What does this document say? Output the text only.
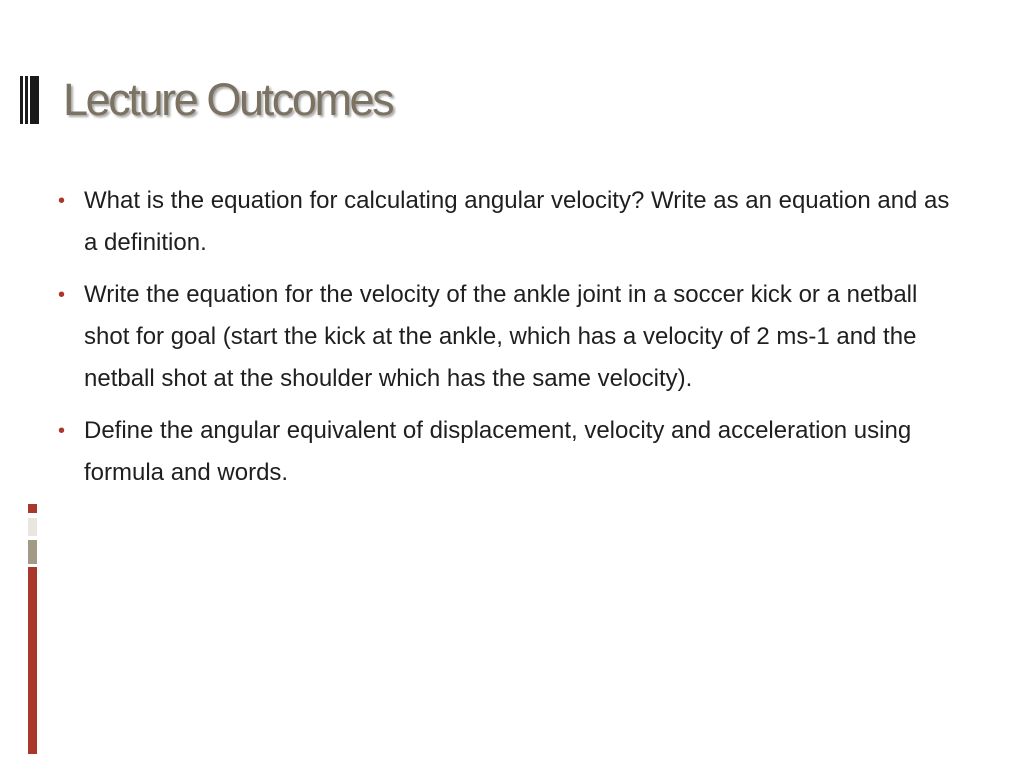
Lecture Outcomes
• What is the equation for calculating angular velocity? Write as an equation and as a definition.
• Write the equation for the velocity of the ankle joint in a soccer kick or a netball shot for goal (start the kick at the ankle, which has a velocity of 2 ms-1 and the netball shot at the shoulder which has the same velocity).
• Define the angular equivalent of displacement, velocity and acceleration using formula and words.
